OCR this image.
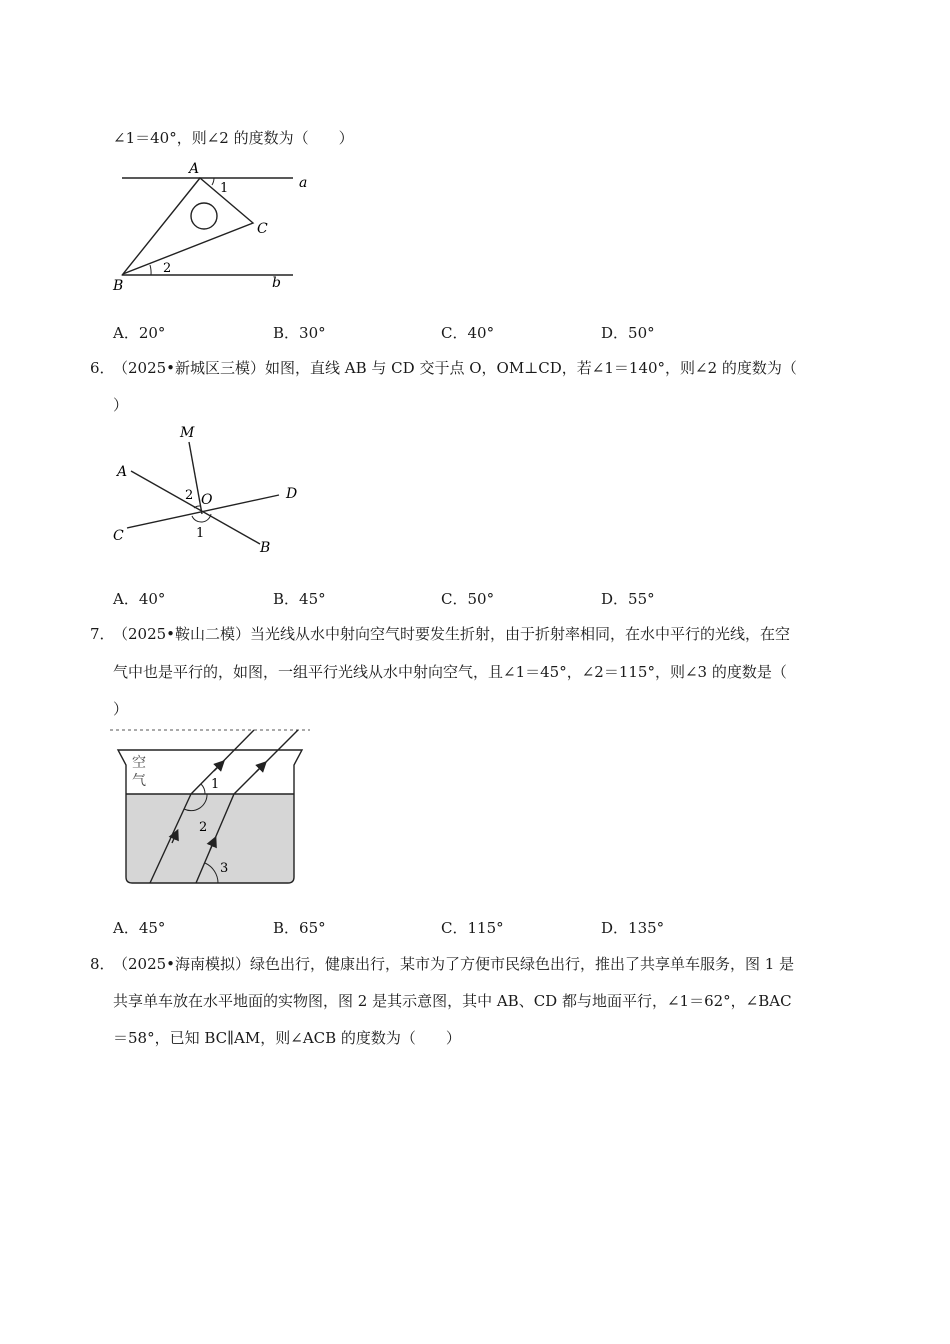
∠1＝40°，则∠2 的度数为（　　）
A
a
1
C
2
B	b
A．20°	B．30°	C．40°	D．50°
6．
（2025•新城区三模）如图，直线 AB 与 CD 交于点 O，OM⊥CD，若∠1＝140°，则∠2 的度数为（
）
M
A
2 O	D
C	1
B
A．40°	B．45°	C．50°	D．55°
7．
（2025•鞍山二模）当光线从水中射向空气时要发生折射，由于折射率相同，在水中平行的光线，在空
气中也是平行的，如图，一组平行光线从水中射向空气，且∠1＝45°，∠2＝115°，则∠3 的度数是（
）
空
气	1
2
3
A．45°	B．65°	C．115°	D．135°
8．
（2025•海南模拟）绿色出行，健康出行，某市为了方便市民绿色出行，推出了共享单车服务，图 1 是
共享单车放在水平地面的实物图，图 2 是其示意图，其中 AB、CD 都与地面平行，∠1＝62°，∠BAC
＝58°，已知 BC∥AM，则∠ACB 的度数为（　　）
